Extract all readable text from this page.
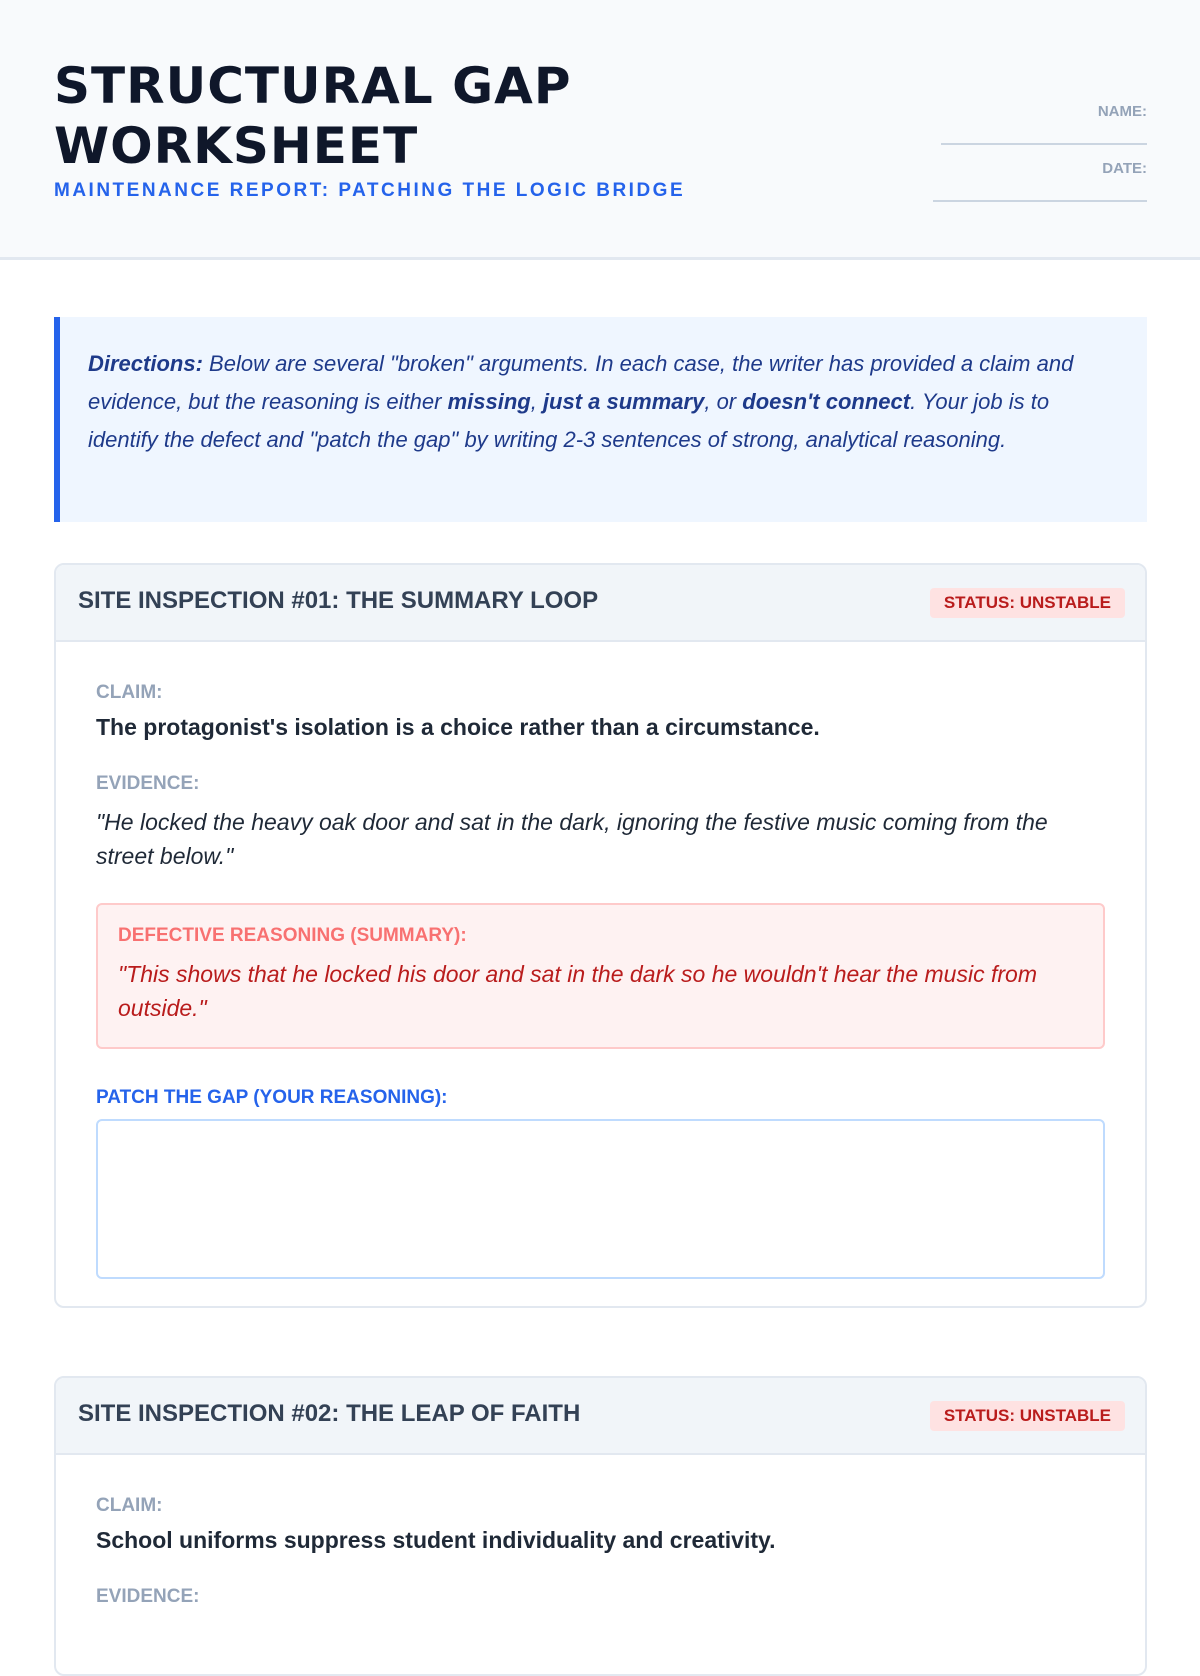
STRUCTURAL GAP WORKSHEET
MAINTENANCE REPORT: PATCHING THE LOGIC BRIDGE
NAME:
DATE:
Directions: Below are several "broken" arguments. In each case, the writer has provided a claim and evidence, but the reasoning is either missing, just a summary, or doesn't connect. Your job is to identify the defect and "patch the gap" by writing 2-3 sentences of strong, analytical reasoning.
SITE INSPECTION #01: THE SUMMARY LOOP	STATUS: UNSTABLE
CLAIM:
The protagonist's isolation is a choice rather than a circumstance.
EVIDENCE:
"He locked the heavy oak door and sat in the dark, ignoring the festive music coming from the street below."
DEFECTIVE REASONING (SUMMARY):
"This shows that he locked his door and sat in the dark so he wouldn't hear the music from outside."
PATCH THE GAP (YOUR REASONING):
SITE INSPECTION #02: THE LEAP OF FAITH	STATUS: UNSTABLE
CLAIM:
School uniforms suppress student individuality and creativity.
EVIDENCE:
